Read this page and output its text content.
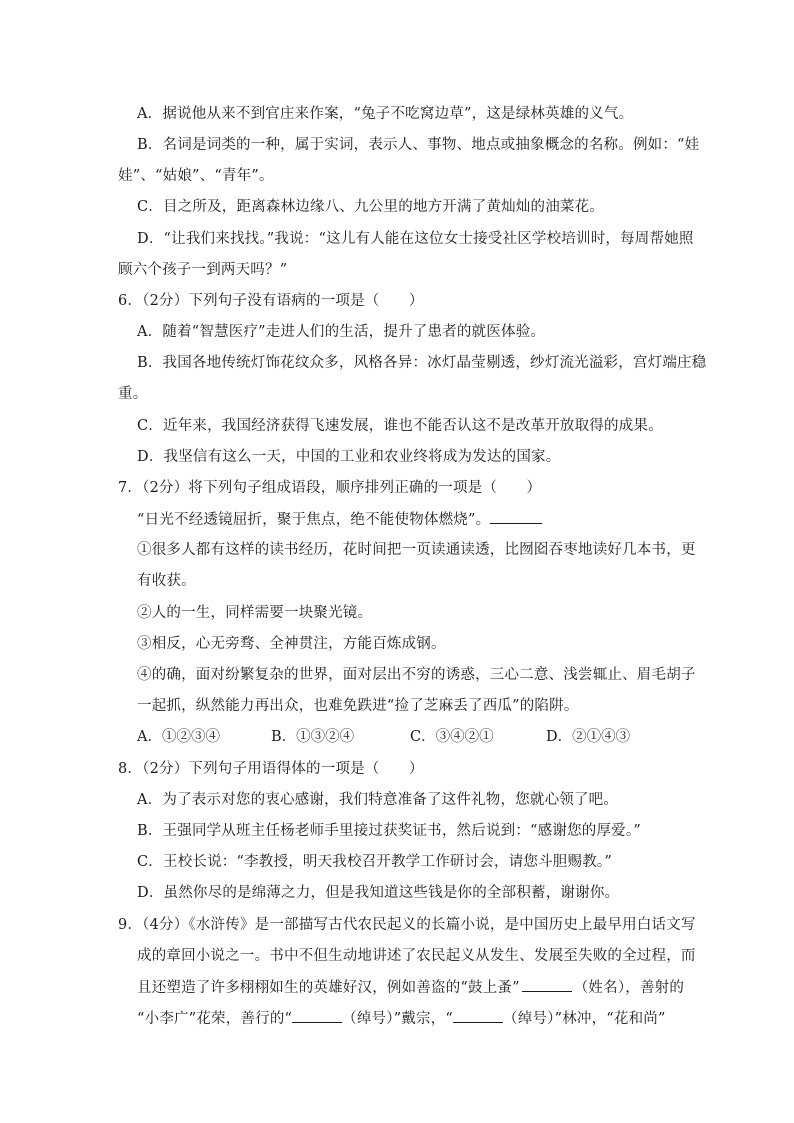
A．据说他从来不到官庄来作案，“兔子不吃窝边草”，这是绿林英雄的义气。
B．名词是词类的一种，属于实词，表示人、事物、地点或抽象概念的名称。例如：“娃
娃”、“姑娘”、“青年”。
C．目之所及，距离森林边缘八、九公里的地方开满了黄灿灿的油菜花。
D．“让我们来找找。”我说：“这儿有人能在这位女士接受社区学校培训时，每周帮她照
顾六个孩子一到两天吗？”
6．（2分）下列句子没有语病的一项是（　　）
A．随着“智慧医疗”走进人们的生活，提升了患者的就医体验。
B．我国各地传统灯饰花纹众多，风格各异：冰灯晶莹剔透，纱灯流光溢彩，宫灯端庄稳
重。
C．近年来，我国经济获得飞速发展，谁也不能否认这不是改革开放取得的成果。
D．我坚信有这么一天，中国的工业和农业终将成为发达的国家。
7．（2分）将下列句子组成语段，顺序排列正确的一项是（　　）
“日光不经透镜屈折，聚于焦点，绝不能使物体燃烧”。
①很多人都有这样的读书经历，花时间把一页读通读透，比囫囵吞枣地读好几本书，更
有收获。
②人的一生，同样需要一块聚光镜。
③相反，心无旁骛、全神贯注，方能百炼成钢。
④的确，面对纷繁复杂的世界，面对层出不穷的诱惑，三心二意、浅尝辄止、眉毛胡子
一起抓，纵然能力再出众，也难免跌进“捡了芝麻丢了西瓜”的陷阱。
A．①②③④	B．①③②④	C．③④②①	D．②①④③
8．（2分）下列句子用语得体的一项是（　　）
A．为了表示对您的衷心感谢，我们特意准备了这件礼物，您就心领了吧。
B．王强同学从班主任杨老师手里接过获奖证书，然后说到：“感谢您的厚爱。”
C．王校长说：“李教授，明天我校召开教学工作研讨会，请您斗胆赐教。”
D．虽然你尽的是绵薄之力，但是我知道这些钱是你的全部积蓄，谢谢你。
9．（4分）《水浒传》是一部描写古代农民起义的长篇小说，是中国历史上最早用白话文写
成的章回小说之一。书中不但生动地讲述了农民起义从发生、发展至失败的全过程，而
且还塑造了许多栩栩如生的英雄好汉，例如善盗的“鼓上蚤”	（姓名），善射的
“小李广”花荣，善行的“	（绰号）”戴宗，“	（绰号）”林冲，“花和尚”
